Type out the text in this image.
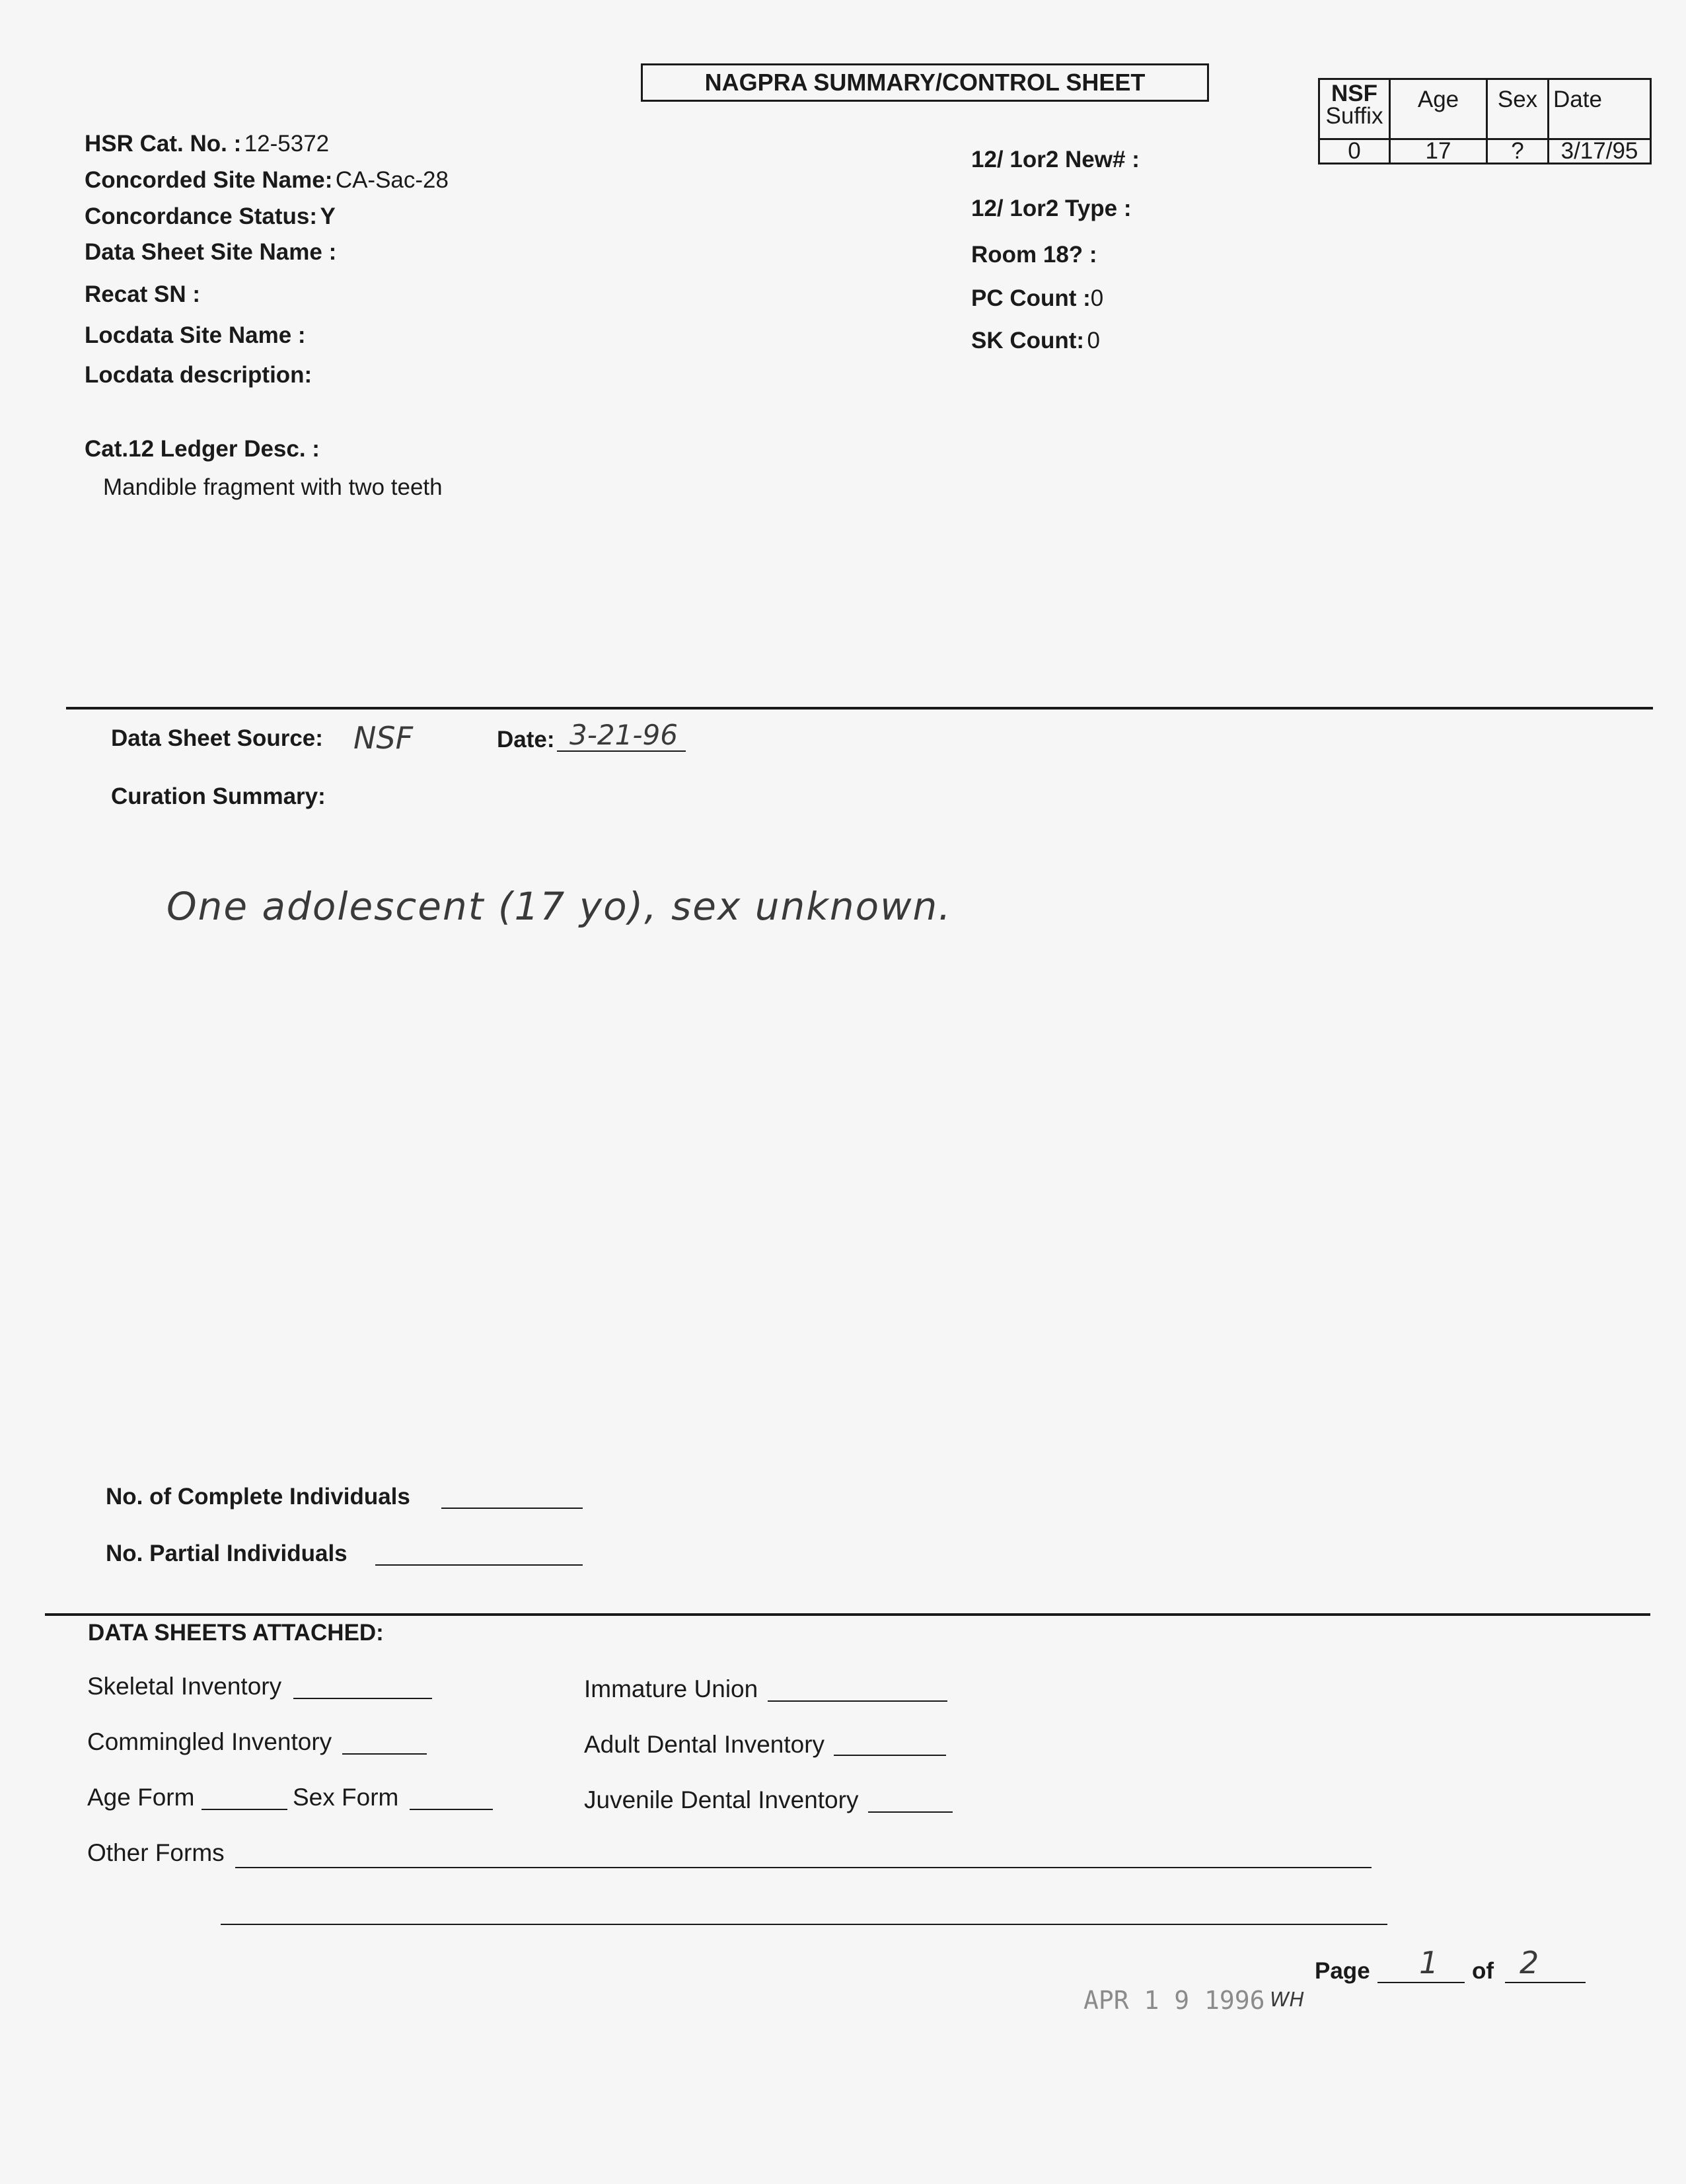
NAGPRA SUMMARY/CONTROL SHEET	NSF
Suffix	Age	Sex	Date
0	17	?	3/17/95
HSR Cat. No. : 12-5372
Concorded Site Name: CA-Sac-28
Concordance Status: Y
Data Sheet Site Name :
Recat SN :
Locdata Site Name :
Locdata description:
12/ 1or2 New# :
12/ 1or2 Type :
Room 18? :
PC Count :0
SK Count: 0
Cat.12 Ledger Desc. :
Mandible fragment with two teeth
Data Sheet Source: NSF	Date: 3-21-96
Curation Summary:
One adolescent (17 yo), sex unknown.
No. of Complete Individuals
No. Partial Individuals
DATA SHEETS ATTACHED:
Skeletal Inventory
Commingled Inventory
Age Form	Sex Form
Other Forms
Immature Union
Adult Dental Inventory
Juvenile Dental Inventory
Page 1 of 2
APR 1 9 1996 WH
